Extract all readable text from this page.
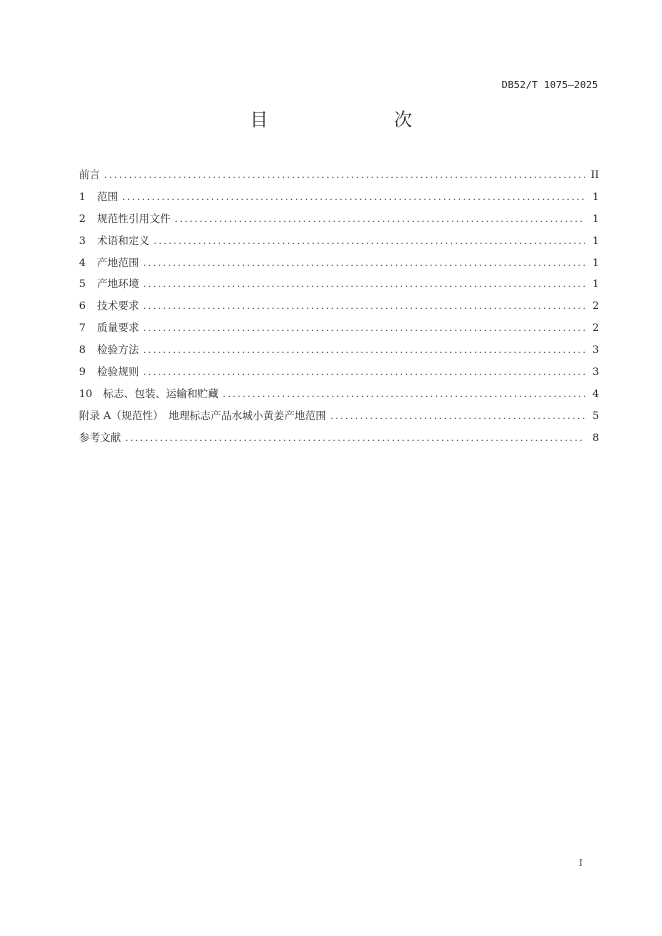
DB52/T 1075—2025
目　　次
前言 .....	II
1	范围 .....	1
2	规范性引用文件 .....	1
3	术语和定义 .....	1
4	产地范围 .....	1
5	产地环境 .....	1
6	技术要求 .....	2
7	质量要求 .....	2
8	检验方法 .....	3
9	检验规则 .....	3
10	标志、包装、运输和贮藏 .....	4
附录 A（规范性）　地理标志产品水城小黄姜产地范围 .....	5
参考文献 .....	8
I
